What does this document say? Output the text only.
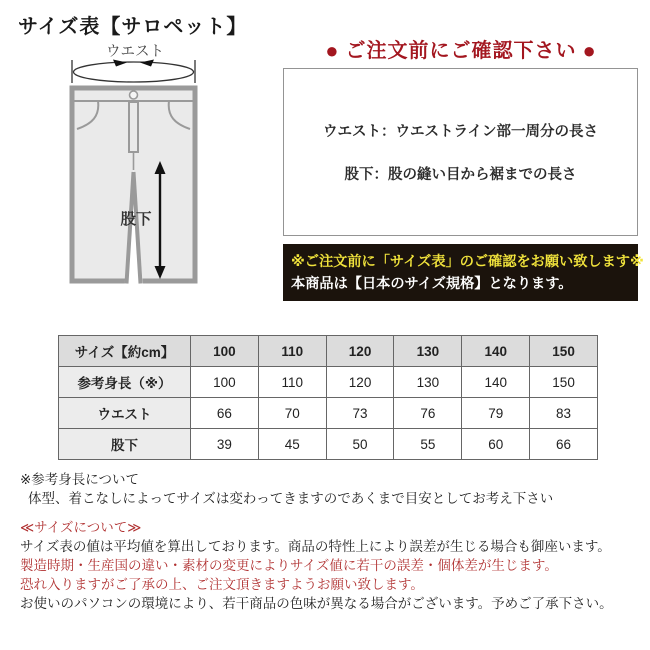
サイズ表【サロペット】
ウエスト
股下
● ご注文前にご確認下さい ●
ウエスト：ウエストライン部一周分の長さ
股下：股の縫い目から裾までの長さ
※ご注文前に「サイズ表」のご確認をお願い致します※
本商品は【日本のサイズ規格】となります。
サイズ【約cm】	100	110	120	130	140	150
参考身長（※）	100	110	120	130	140	150
ウエスト	66	70	73	76	79	83
股下	39	45	50	55	60	66
※参考身長について
体型、着こなしによってサイズは変わってきますのであくまで目安としてお考え下さい
≪サイズについて≫
サイズ表の値は平均値を算出しております。商品の特性上により誤差が生じる場合も御座います。
製造時期・生産国の違い・素材の変更によりサイズ値に若干の誤差・個体差が生じます。
恐れ入りますがご了承の上、ご注文頂きますようお願い致します。
お使いのパソコンの環境により、若干商品の色味が異なる場合がございます。予めご了承下さい。
